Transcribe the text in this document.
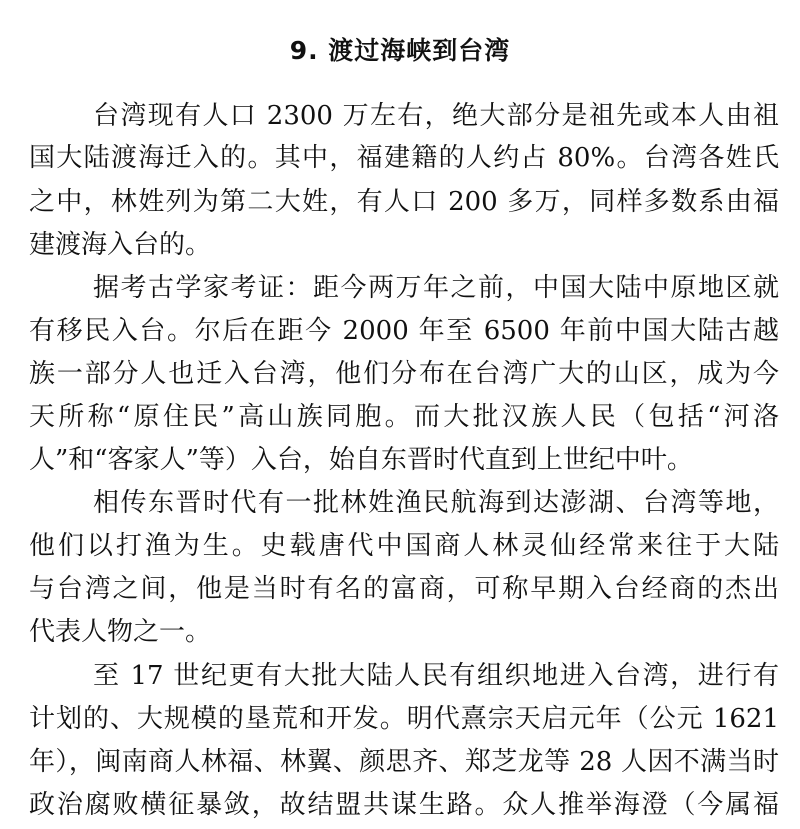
9. 渡过海峡到台湾
台湾现有人口 2300 万左右，绝大部分是祖先或本人由祖
国大陆渡海迁入的。其中，福建籍的人约占 80%。台湾各姓氏
之中，林姓列为第二大姓，有人口 200 多万，同样多数系由福
建渡海入台的。
据考古学家考证：距今两万年之前，中国大陆中原地区就
有移民入台。尔后在距今 2000 年至 6500 年前中国大陆古越
族一部分人也迁入台湾，他们分布在台湾广大的山区，成为今
天所称“原住民”高山族同胞。而大批汉族人民（包括“河洛
人”和“客家人”等）入台，始自东晋时代直到上世纪中叶。
相传东晋时代有一批林姓渔民航海到达澎湖、台湾等地，
他们以打渔为生。史载唐代中国商人林灵仙经常来往于大陆
与台湾之间，他是当时有名的富商，可称早期入台经商的杰出
代表人物之一。
至 17 世纪更有大批大陆人民有组织地进入台湾，进行有
计划的、大规模的垦荒和开发。明代熹宗天启元年（公元 1621
年），闽南商人林福、林翼、颜思齐、郑芝龙等 28 人因不满当时
政治腐败横征暴敛，故结盟共谋生路。众人推举海澄（今属福
